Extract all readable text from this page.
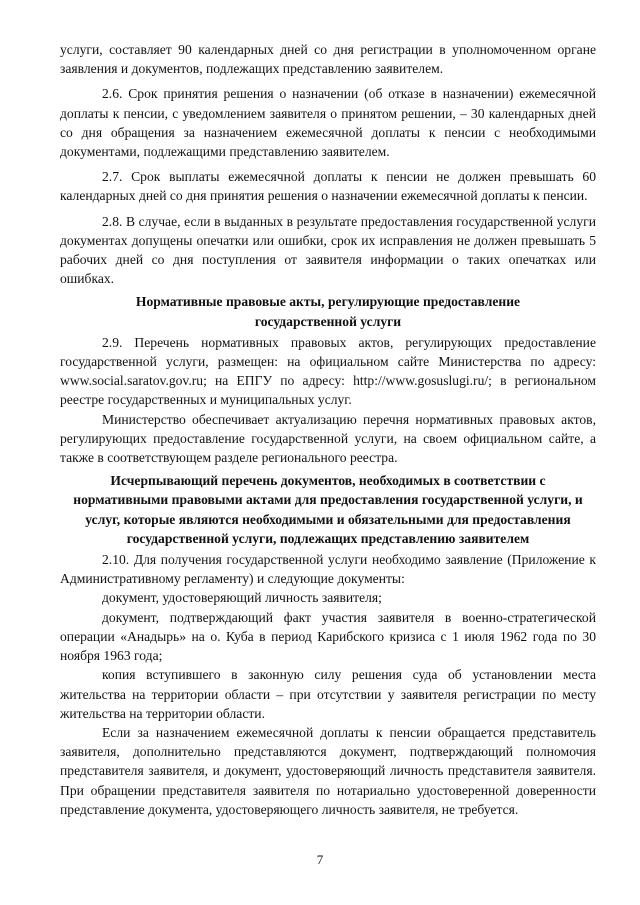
услуги, составляет 90 календарных дней со дня регистрации в уполномоченном органе заявления и документов, подлежащих представлению заявителем.

2.6. Срок принятия решения о назначении (об отказе в назначении) ежемесячной доплаты к пенсии, с уведомлением заявителя о принятом решении, – 30 календарных дней со дня обращения за назначением ежемесячной доплаты к пенсии с необходимыми документами, подлежащими представлению заявителем.

2.7. Срок выплаты ежемесячной доплаты к пенсии не должен превышать 60 календарных дней со дня принятия решения о назначении ежемесячной доплаты к пенсии.

2.8. В случае, если в выданных в результате предоставления государственной услуги документах допущены опечатки или ошибки, срок их исправления не должен превышать 5 рабочих дней со дня поступления от заявителя информации о таких опечатках или ошибках.

Нормативные правовые акты, регулирующие предоставление государственной услуги

2.9. Перечень нормативных правовых актов, регулирующих предоставление государственной услуги, размещен: на официальном сайте Министерства по адресу: www.social.saratov.gov.ru; на ЕПГУ по адресу: http://www.gosuslugi.ru/; в региональном реестре государственных и муниципальных услуг.

Министерство обеспечивает актуализацию перечня нормативных правовых актов, регулирующих предоставление государственной услуги, на своем официальном сайте, а также в соответствующем разделе регионального реестра.

Исчерпывающий перечень документов, необходимых в соответствии с нормативными правовыми актами для предоставления государственной услуги, и услуг, которые являются необходимыми и обязательными для предоставления государственной услуги, подлежащих представлению заявителем

2.10. Для получения государственной услуги необходимо заявление (Приложение к Административному регламенту) и следующие документы:

документ, удостоверяющий личность заявителя;

документ, подтверждающий факт участия заявителя в военно-стратегической операции «Анадырь» на о. Куба в период Карибского кризиса с 1 июля 1962 года по 30 ноября 1963 года;

копия вступившего в законную силу решения суда об установлении места жительства на территории области – при отсутствии у заявителя регистрации по месту жительства на территории области.

Если за назначением ежемесячной доплаты к пенсии обращается представитель заявителя, дополнительно представляются документ, подтверждающий полномочия представителя заявителя, и документ, удостоверяющий личность представителя заявителя. При обращении представителя заявителя по нотариально удостоверенной доверенности представление документа, удостоверяющего личность заявителя, не требуется.

7
